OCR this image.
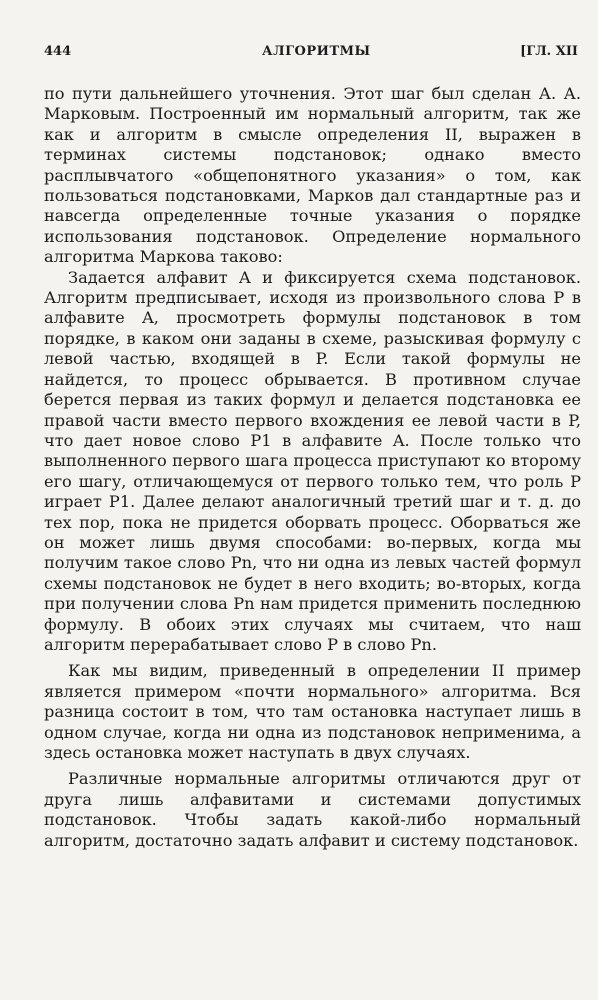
444	АЛГОРИТМЫ	[ГЛ. XII

по пути дальнейшего уточнения. Этот шаг был сделан А. А. Марковым. Построенный им нормальный алгоритм, так же как и алгоритм в смысле определения II, выражен в терминах системы подстановок; однако вместо расплывчатого «общепонятного указания» о том, как пользоваться подстановками, Марков дал стандартные раз и навсегда определенные точные указания о порядке использования подстановок. Определение нормального алгоритма Маркова таково:

Задается алфавит A и фиксируется схема подстановок. Алгоритм предписывает, исходя из произвольного слова P в алфавите A, просмотреть формулы подстановок в том порядке, в каком они заданы в схеме, разыскивая формулу с левой частью, входящей в P. Если такой формулы не найдется, то процесс обрывается. В противном случае берется первая из таких формул и делается подстановка ее правой части вместо первого вхождения ее левой части в P, что дает новое слово P1 в алфавите A. После только что выполненного первого шага процесса приступают ко второму его шагу, отличающемуся от первого только тем, что роль P играет P1. Далее делают аналогичный третий шаг и т. д. до тех пор, пока не придется оборвать процесс. Оборваться же он может лишь двумя способами: во-первых, когда мы получим такое слово Pn, что ни одна из левых частей формул схемы подстановок не будет в него входить; во-вторых, когда при получении слова Pn нам придется применить последнюю формулу. В обоих этих случаях мы считаем, что наш алгоритм перерабатывает слово P в слово Pn.

Как мы видим, приведенный в определении II пример является примером «почти нормального» алгоритма. Вся разница состоит в том, что там остановка наступает лишь в одном случае, когда ни одна из подстановок неприменима, а здесь остановка может наступать в двух случаях.

Различные нормальные алгоритмы отличаются друг от друга лишь алфавитами и системами допустимых подстановок. Чтобы задать какой-либо нормальный алгоритм, достаточно задать алфавит и систему подстановок.
